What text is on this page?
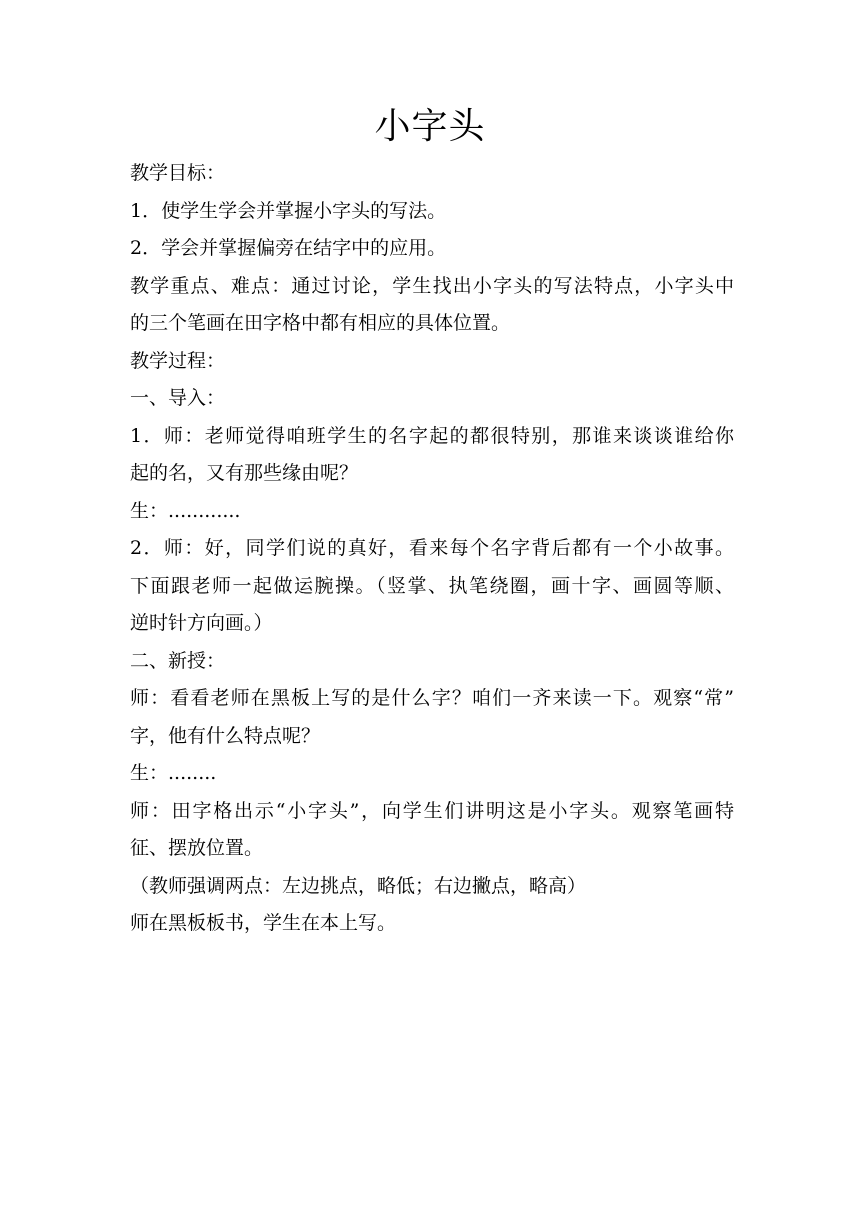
小字头
教学目标：
1．使学生学会并掌握小字头的写法。
2．学会并掌握偏旁在结字中的应用。
教学重点、难点：通过讨论，学生找出小字头的写法特点，小字头中
的三个笔画在田字格中都有相应的具体位置。
教学过程：
一、导入：
1．师：老师觉得咱班学生的名字起的都很特别，那谁来谈谈谁给你
起的名，又有那些缘由呢？
生：............
2．师：好，同学们说的真好，看来每个名字背后都有一个小故事。
下面跟老师一起做运腕操。（竖掌、执笔绕圈，画十字、画圆等顺、
逆时针方向画。）
二、新授：
师：看看老师在黑板上写的是什么字？咱们一齐来读一下。观察“常”
字，他有什么特点呢？
生：........
师：田字格出示“小字头”，向学生们讲明这是小字头。观察笔画特
征、摆放位置。
（教师强调两点：左边挑点，略低；右边撇点，略高）
师在黑板板书，学生在本上写。
